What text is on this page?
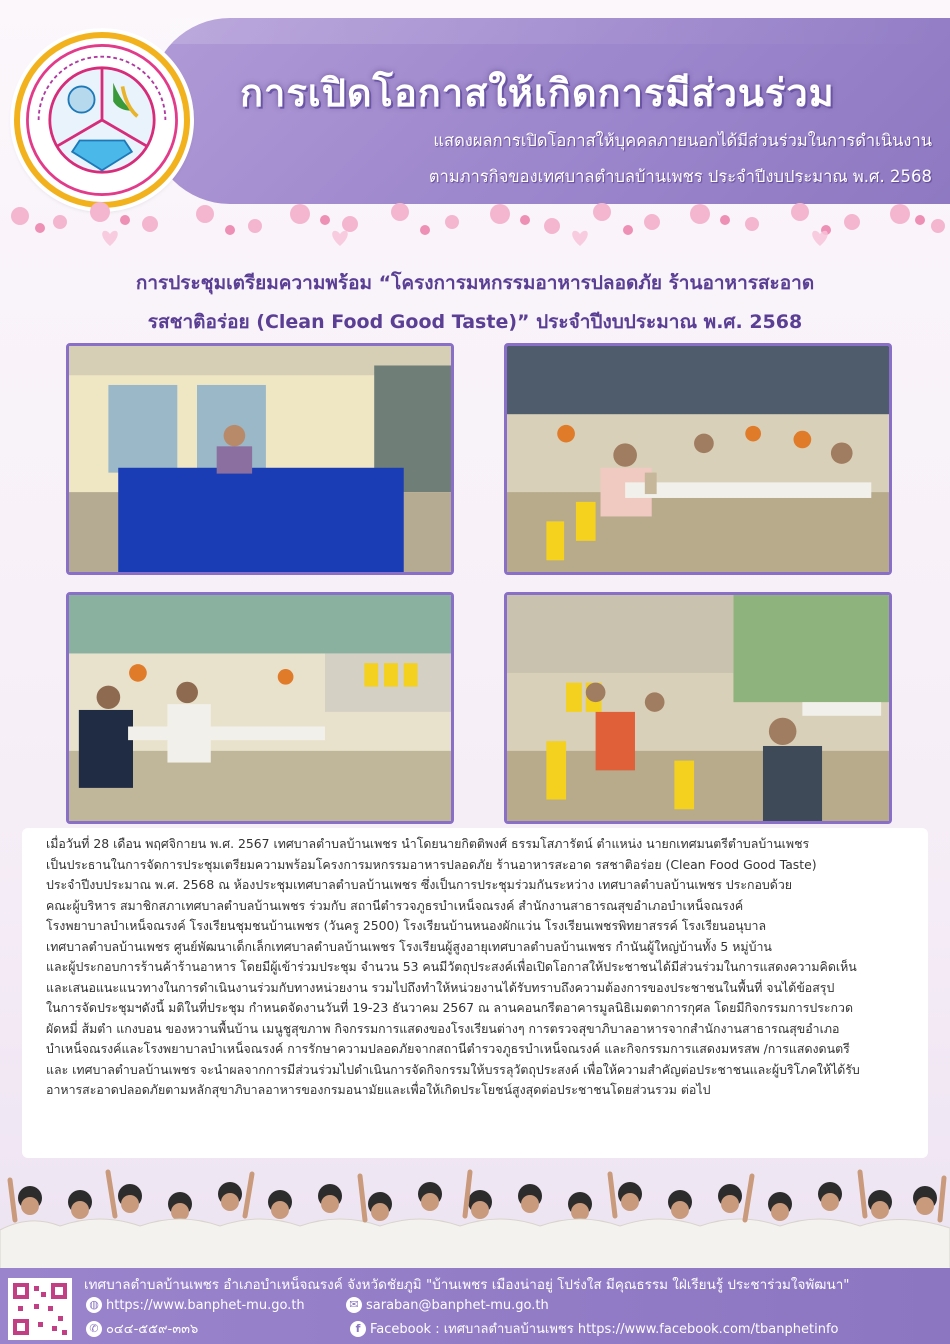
การเปิดโอกาสให้เกิดการมีส่วนร่วม
แสดงผลการเปิดโอกาสให้บุคคลภายนอกได้มีส่วนร่วมในการดำเนินงาน
ตามภารกิจของเทศบาลตำบลบ้านเพชร ประจำปีงบประมาณ พ.ศ. 2568
การประชุมเตรียมความพร้อม “โครงการมหกรรมอาหารปลอดภัย ร้านอาหารสะอาด
รสชาติอร่อย (Clean Food Good Taste)” ประจำปีงบประมาณ พ.ศ. 2568

เมื่อวันที่ 28 เดือน พฤศจิกายน พ.ศ. 2567 เทศบาลตำบลบ้านเพชร นำโดยนายกิตติพงศ์ ธรรมโสภารัตน์ ตำแหน่ง นายกเทศมนตรีตำบลบ้านเพชร

เป็นประธานในการจัดการประชุมเตรียมความพร้อมโครงการมหกรรมอาหารปลอดภัย ร้านอาหารสะอาด รสชาติอร่อย (Clean Food Good Taste)

ประจำปีงบประมาณ พ.ศ. 2568 ณ ห้องประชุมเทศบาลตำบลบ้านเพชร ซึ่งเป็นการประชุมร่วมกันระหว่าง เทศบาลตำบลบ้านเพชร ประกอบด้วย

คณะผู้บริหาร สมาชิกสภาเทศบาลตำบลบ้านเพชร ร่วมกับ สถานีตำรวจภูธรบำเหน็จณรงค์ สำนักงานสาธารณสุขอำเภอบำเหน็จณรงค์

โรงพยาบาลบำเหน็จณรงค์ โรงเรียนชุมชนบ้านเพชร (วันครู 2500) โรงเรียนบ้านหนองผักแว่น โรงเรียนเพชรพิทยาสรรค์ โรงเรียนอนุบาล

เทศบาลตำบลบ้านเพชร ศูนย์พัฒนาเด็กเล็กเทศบาลตำบลบ้านเพชร โรงเรียนผู้สูงอายุเทศบาลตำบลบ้านเพชร กำนันผู้ใหญ่บ้านทั้ง 5 หมู่บ้าน

และผู้ประกอบการร้านค้าร้านอาหาร โดยมีผู้เข้าร่วมประชุม จำนวน 53 คนมีวัตถุประสงค์เพื่อเปิดโอกาสให้ประชาชนได้มีส่วนร่วมในการแสดงความคิดเห็น

และเสนอแนะแนวทางในการดำเนินงานร่วมกับทางหน่วยงาน รวมไปถึงทำให้หน่วยงานได้รับทราบถึงความต้องการของประชาชนในพื้นที่ จนได้ข้อสรุป

ในการจัดประชุมฯดังนี้ มติในที่ประชุม กำหนดจัดงานวันที่ 19-23 ธันวาคม 2567 ณ ลานคอนกรีตอาคารมูลนิธิเมตตาการกุศล โดยมีกิจกรรมการประกวด

ผัดหมี่ ส้มตำ แกงบอน ของหวานพื้นบ้าน เมนูชูสุขภาพ กิจกรรมการแสดงของโรงเรียนต่างๆ การตรวจสุขาภิบาลอาหารจากสำนักงานสาธารณสุขอำเภอ

บำเหน็จณรงค์และโรงพยาบาลบำเหน็จณรงค์ การรักษาความปลอดภัยจากสถานีตำรวจภูธรบำเหน็จณรงค์ และกิจกรรมการแสดงมหรสพ /การแสดงดนตรี

และ เทศบาลตำบลบ้านเพชร จะนำผลจากการมีส่วนร่วมไปดำเนินการจัดกิจกรรมให้บรรลุวัตถุประสงค์ เพื่อให้ความสำคัญต่อประชาชนและผู้บริโภคให้ได้รับ

อาหารสะอาดปลอดภัยตามหลักสุขาภิบาลอาหารของกรมอนามัยและเพื่อให้เกิดประโยชน์สูงสุดต่อประชาชนโดยส่วนรวม ต่อไป

เทศบาลตำบลบ้านเพชร อำเภอบำเหน็จณรงค์ จังหวัดชัยภูมิ "บ้านเพชร เมืองน่าอยู่ โปร่งใส มีคุณธรรม ใฝ่เรียนรู้ ประชาร่วมใจพัฒนา"
◍ https://www.banphet-mu.go.th	✉ saraban@banphet-mu.go.th
✆ ๐๔๔-๕๕๙-๓๓๖	f Facebook : เทศบาลตำบลบ้านเพชร https://www.facebook.com/tbanphetinfo
